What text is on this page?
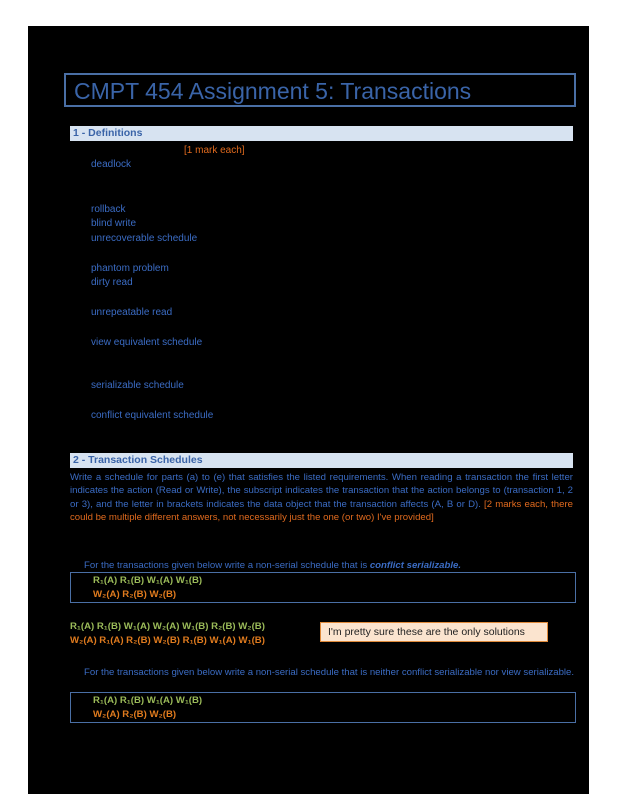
CMPT 454 Assignment 5: Transactions
1 - Definitions
[1 mark each]
deadlock
rollback
blind write
unrecoverable schedule
phantom problem
dirty read
unrepeatable read
view equivalent schedule
serializable schedule
conflict equivalent schedule
2 - Transaction Schedules
Write a schedule for parts (a) to (e) that satisfies the listed requirements. When reading a transaction the first letter indicates the action (Read or Write), the subscript indicates the transaction that the action belongs to (transaction 1, 2 or 3), and the letter in brackets indicates the data object that the transaction affects (A, B or D). [2 marks each, there could be multiple different answers, not necessarily just the one (or two) I've provided]
For the transactions given below write a non-serial schedule that is conflict serializable.
R₁(A) R₁(B) W₁(A) W₁(B)
W₂(A) R₂(B) W₂(B)
R₁(A) R₁(B) W₁(A) W₂(A) W₁(B) R₂(B) W₂(B)
W₂(A) R₁(A) R₂(B) W₂(B) R₁(B) W₁(A) W₁(B)
I'm pretty sure these are the only solutions
For the transactions given below write a non-serial schedule that is neither conflict serializable nor view serializable.
R₁(A) R₁(B) W₁(A) W₁(B)
W₂(A) R₂(B) W₂(B)
